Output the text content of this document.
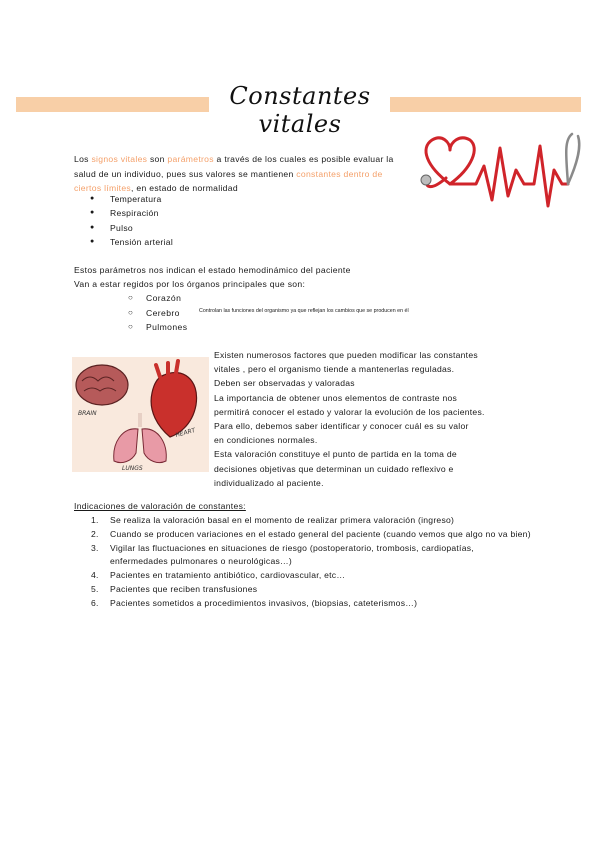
Constantes vitales
Los signos vitales son parámetros a través de los cuales es posible evaluar la salud de un individuo, pues sus valores se mantienen constantes dentro de ciertos límites, en estado de normalidad
● Temperatura
● Respiración
● Pulso
● Tensión arterial
Estos parámetros nos indican el estado hemodinámico del paciente
Van a estar regidos por los órganos principales que son:
○ Corazón
○ Cerebro
○ Pulmones
Controlan las funciones del organismo ya que reflejan los cambios que se producen en él
BRAIN
HEART
LUNGS
Existen numerosos factores que pueden modificar las constantes
vitales , pero el organismo tiende a mantenerlas reguladas.
Deben ser observadas y valoradas
La importancia de obtener unos elementos de contraste nos
permitirá conocer el estado y valorar la evolución de los pacientes.
Para ello, debemos saber identificar y conocer cuál es su valor
en condiciones normales.
Esta valoración constituye el punto de partida en la toma de
decisiones objetivas que determinan un cuidado reflexivo e
individualizado al paciente.
Indicaciones de valoración de constantes:
1. Se realiza la valoración basal en el momento de realizar primera valoración (ingreso)
2. Cuando se producen variaciones en el estado general del paciente (cuando vemos que algo no va bien)
3. Vigilar las fluctuaciones en situaciones de riesgo (postoperatorio, trombosis, cardiopatías, enfermedades pulmonares o neurológicas…)
4. Pacientes en tratamiento antibiótico, cardiovascular, etc…
5. Pacientes que reciben transfusiones
6. Pacientes sometidos a procedimientos invasivos, (biopsias, cateterismos…)
